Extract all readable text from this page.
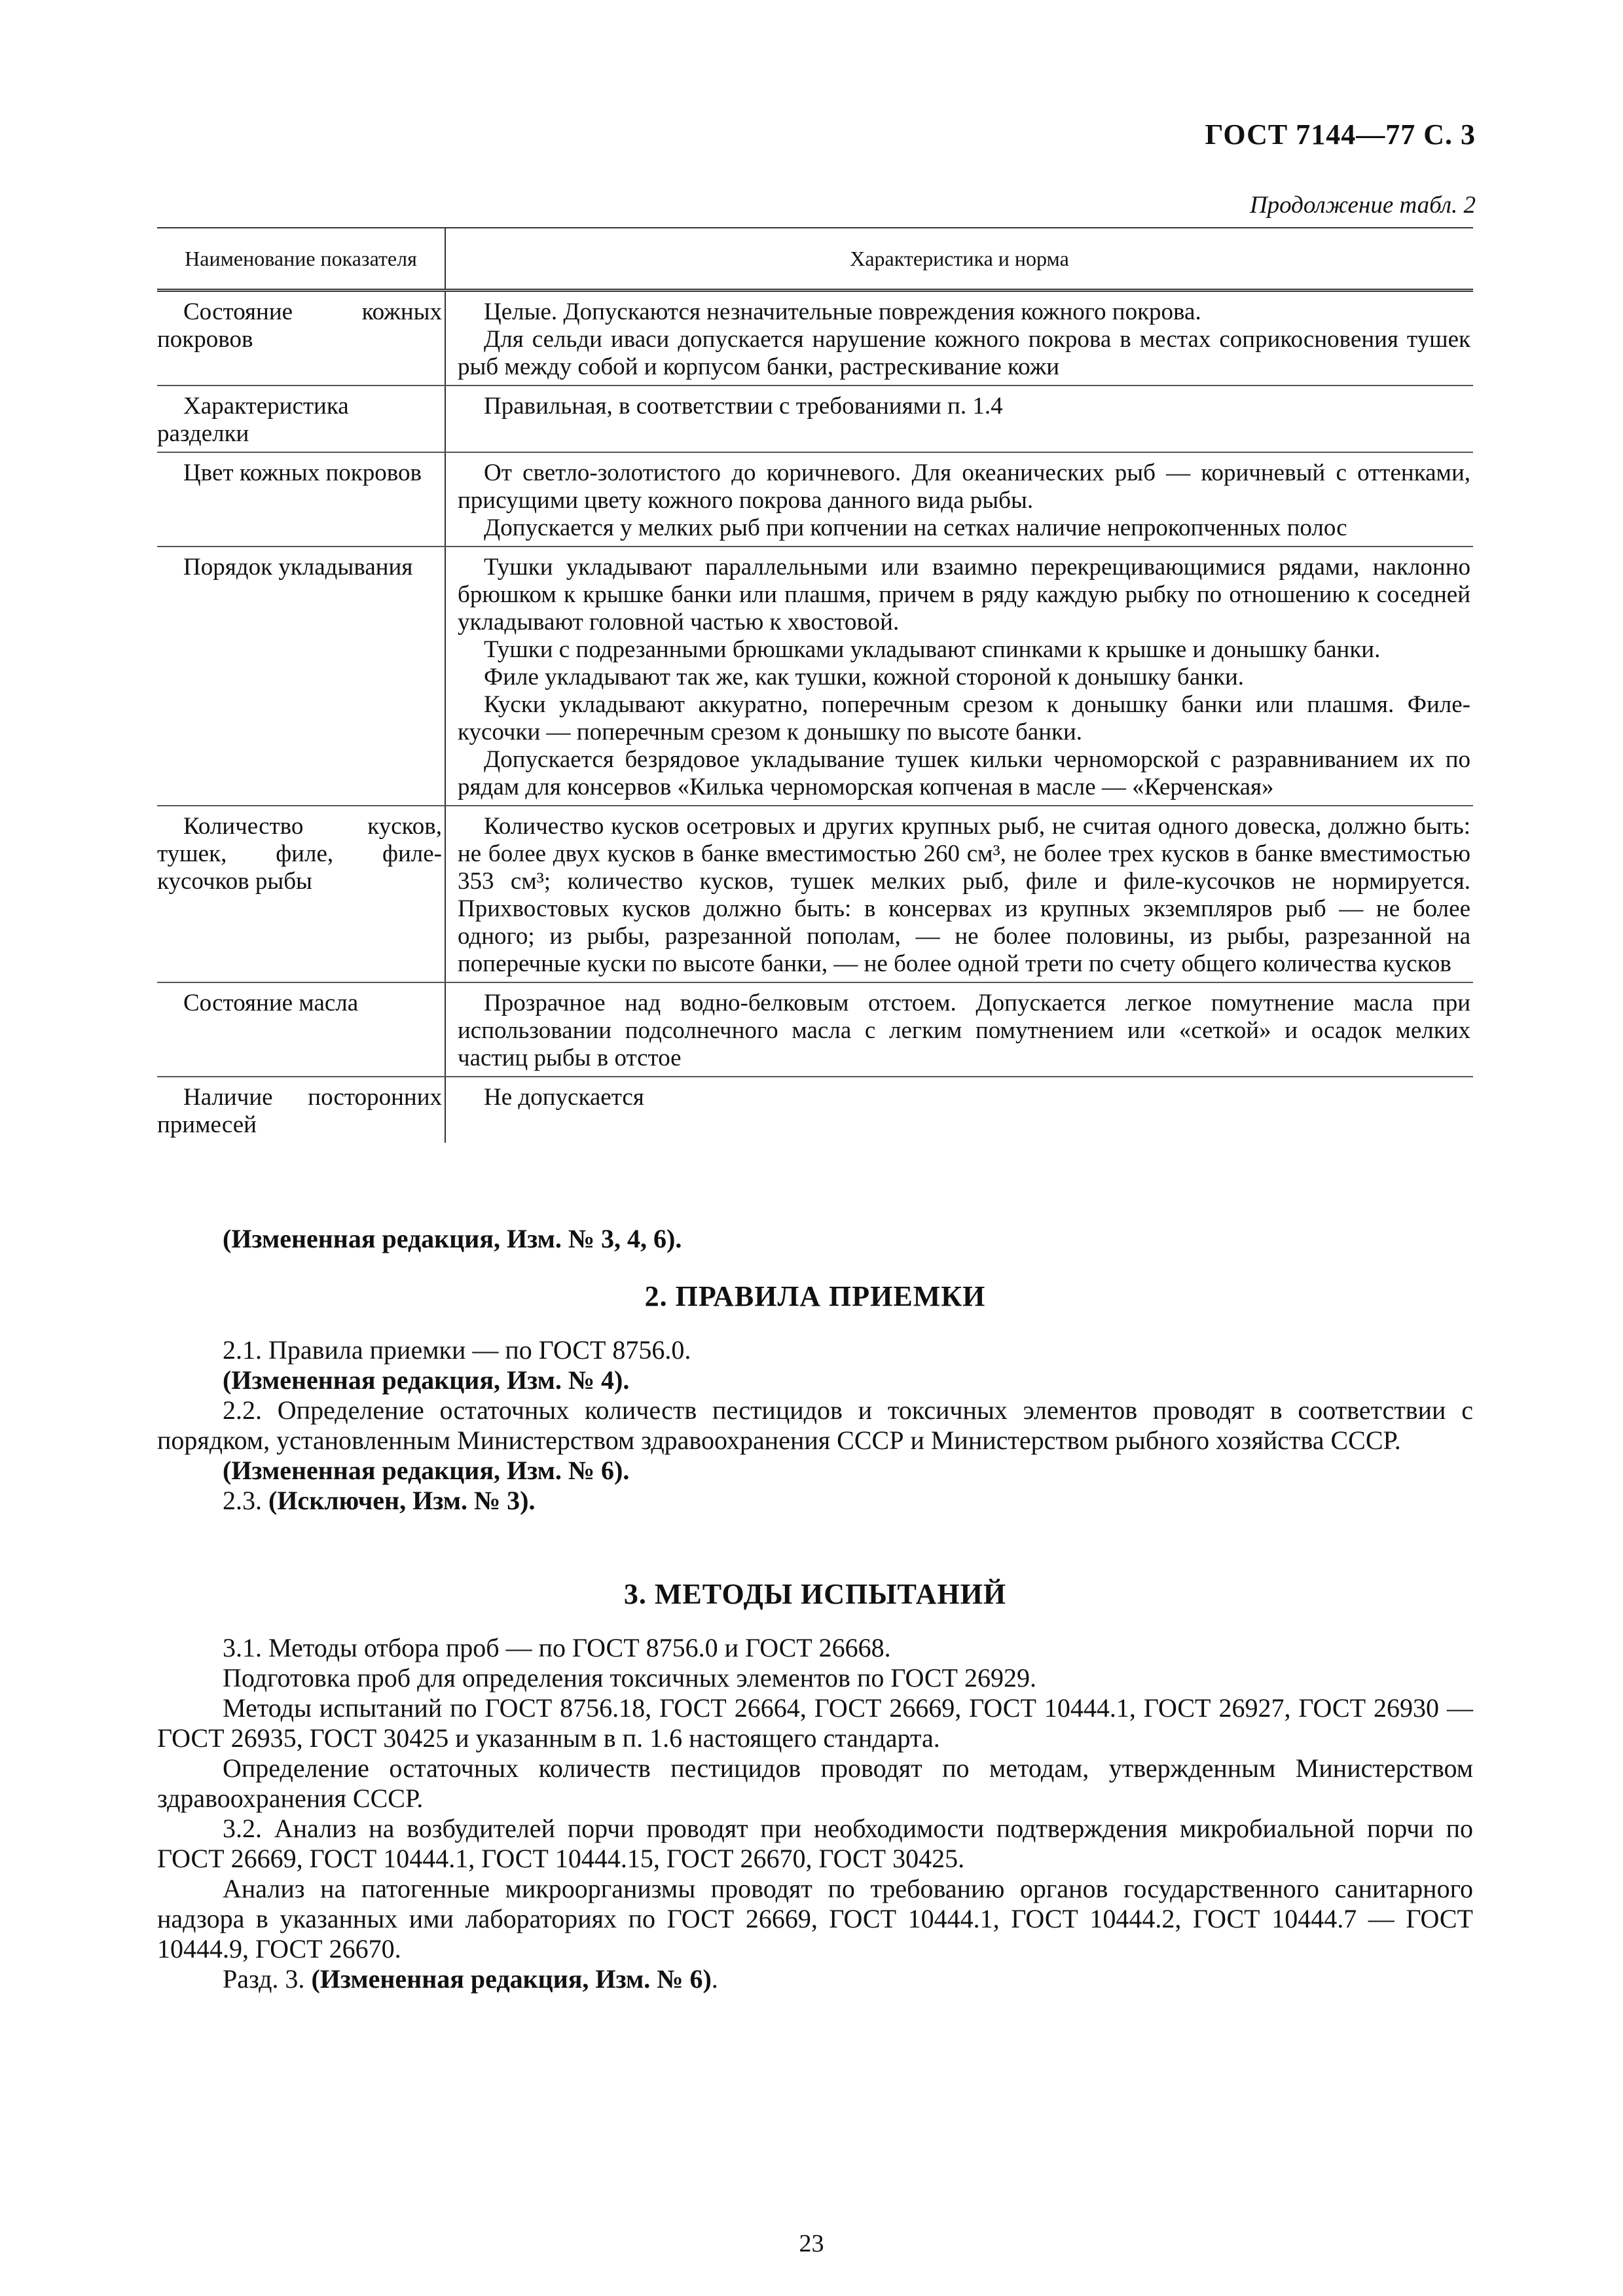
ГОСТ 7144—77 С. 3
Продолжение табл. 2
Наименование показателя	Характеристика и норма

Состояние кожных покровов	Целые. Допускаются незначительные повреждения кожного покрова.
Для сельди иваси допускается нарушение кожного покрова в местах соприкосновения тушек рыб между собой и корпусом банки, растрескивание кожи

Характеристика разделки	Правильная, в соответствии с требованиями п. 1.4

Цвет кожных покровов	От светло-золотистого до коричневого. Для океанических рыб — коричневый с оттенками, присущими цвету кожного покрова данного вида рыбы.
Допускается у мелких рыб при копчении на сетках наличие непрокопченных полос

Порядок укладывания	Тушки укладывают параллельными или взаимно перекрещивающимися рядами, наклонно брюшком к крышке банки или плашмя, причем в ряду каждую рыбку по отношению к соседней укладывают головной частью к хвостовой.
Тушки с подрезанными брюшками укладывают спинками к крышке и донышку банки.
Филе укладывают так же, как тушки, кожной стороной к донышку банки.
Куски укладывают аккуратно, поперечным срезом к донышку банки или плашмя. Филе-кусочки — поперечным срезом к донышку по высоте банки.
Допускается безрядовое укладывание тушек кильки черноморской с разравниванием их по рядам для консервов «Килька черноморская копченая в масле — «Керченская»

Количество кусков, тушек, филе, филе-кусочков рыбы	Количество кусков осетровых и других крупных рыб, не считая одного довеска, должно быть: не более двух кусков в банке вместимостью 260 см³, не более трех кусков в банке вместимостью 353 см³; количество кусков, тушек мелких рыб, филе и филе-кусочков не нормируется. Прихвостовых кусков должно быть: в консервах из крупных экземпляров рыб — не более одного; из рыбы, разрезанной пополам, — не более половины, из рыбы, разрезанной на поперечные куски по высоте банки, — не более одной трети по счету общего количества кусков

Состояние масла	Прозрачное над водно-белковым отстоем. Допускается легкое помутнение масла при использовании подсолнечного масла с легким помутнением или «сеткой» и осадок мелких частиц рыбы в отстое

Наличие посторонних примесей	Не допускается
(Измененная редакция, Изм. № 3, 4, 6).
2. ПРАВИЛА ПРИЕМКИ
2.1. Правила приемки — по ГОСТ 8756.0.
(Измененная редакция, Изм. № 4).
2.2. Определение остаточных количеств пестицидов и токсичных элементов проводят в соответствии с порядком, установленным Министерством здравоохранения СССР и Министерством рыбного хозяйства СССР.
(Измененная редакция, Изм. № 6).
2.3. (Исключен, Изм. № 3).
3. МЕТОДЫ ИСПЫТАНИЙ
3.1. Методы отбора проб — по ГОСТ 8756.0 и ГОСТ 26668.
Подготовка проб для определения токсичных элементов по ГОСТ 26929.
Методы испытаний по ГОСТ 8756.18, ГОСТ 26664, ГОСТ 26669, ГОСТ 10444.1, ГОСТ 26927, ГОСТ 26930 — ГОСТ 26935, ГОСТ 30425 и указанным в п. 1.6 настоящего стандарта.
Определение остаточных количеств пестицидов проводят по методам, утвержденным Министерством здравоохранения СССР.
3.2. Анализ на возбудителей порчи проводят при необходимости подтверждения микробиальной порчи по ГОСТ 26669, ГОСТ 10444.1, ГОСТ 10444.15, ГОСТ 26670, ГОСТ 30425.
Анализ на патогенные микроорганизмы проводят по требованию органов государственного санитарного надзора в указанных ими лабораториях по ГОСТ 26669, ГОСТ 10444.1, ГОСТ 10444.2, ГОСТ 10444.7 — ГОСТ 10444.9, ГОСТ 26670.
Разд. 3. (Измененная редакция, Изм. № 6).
23
